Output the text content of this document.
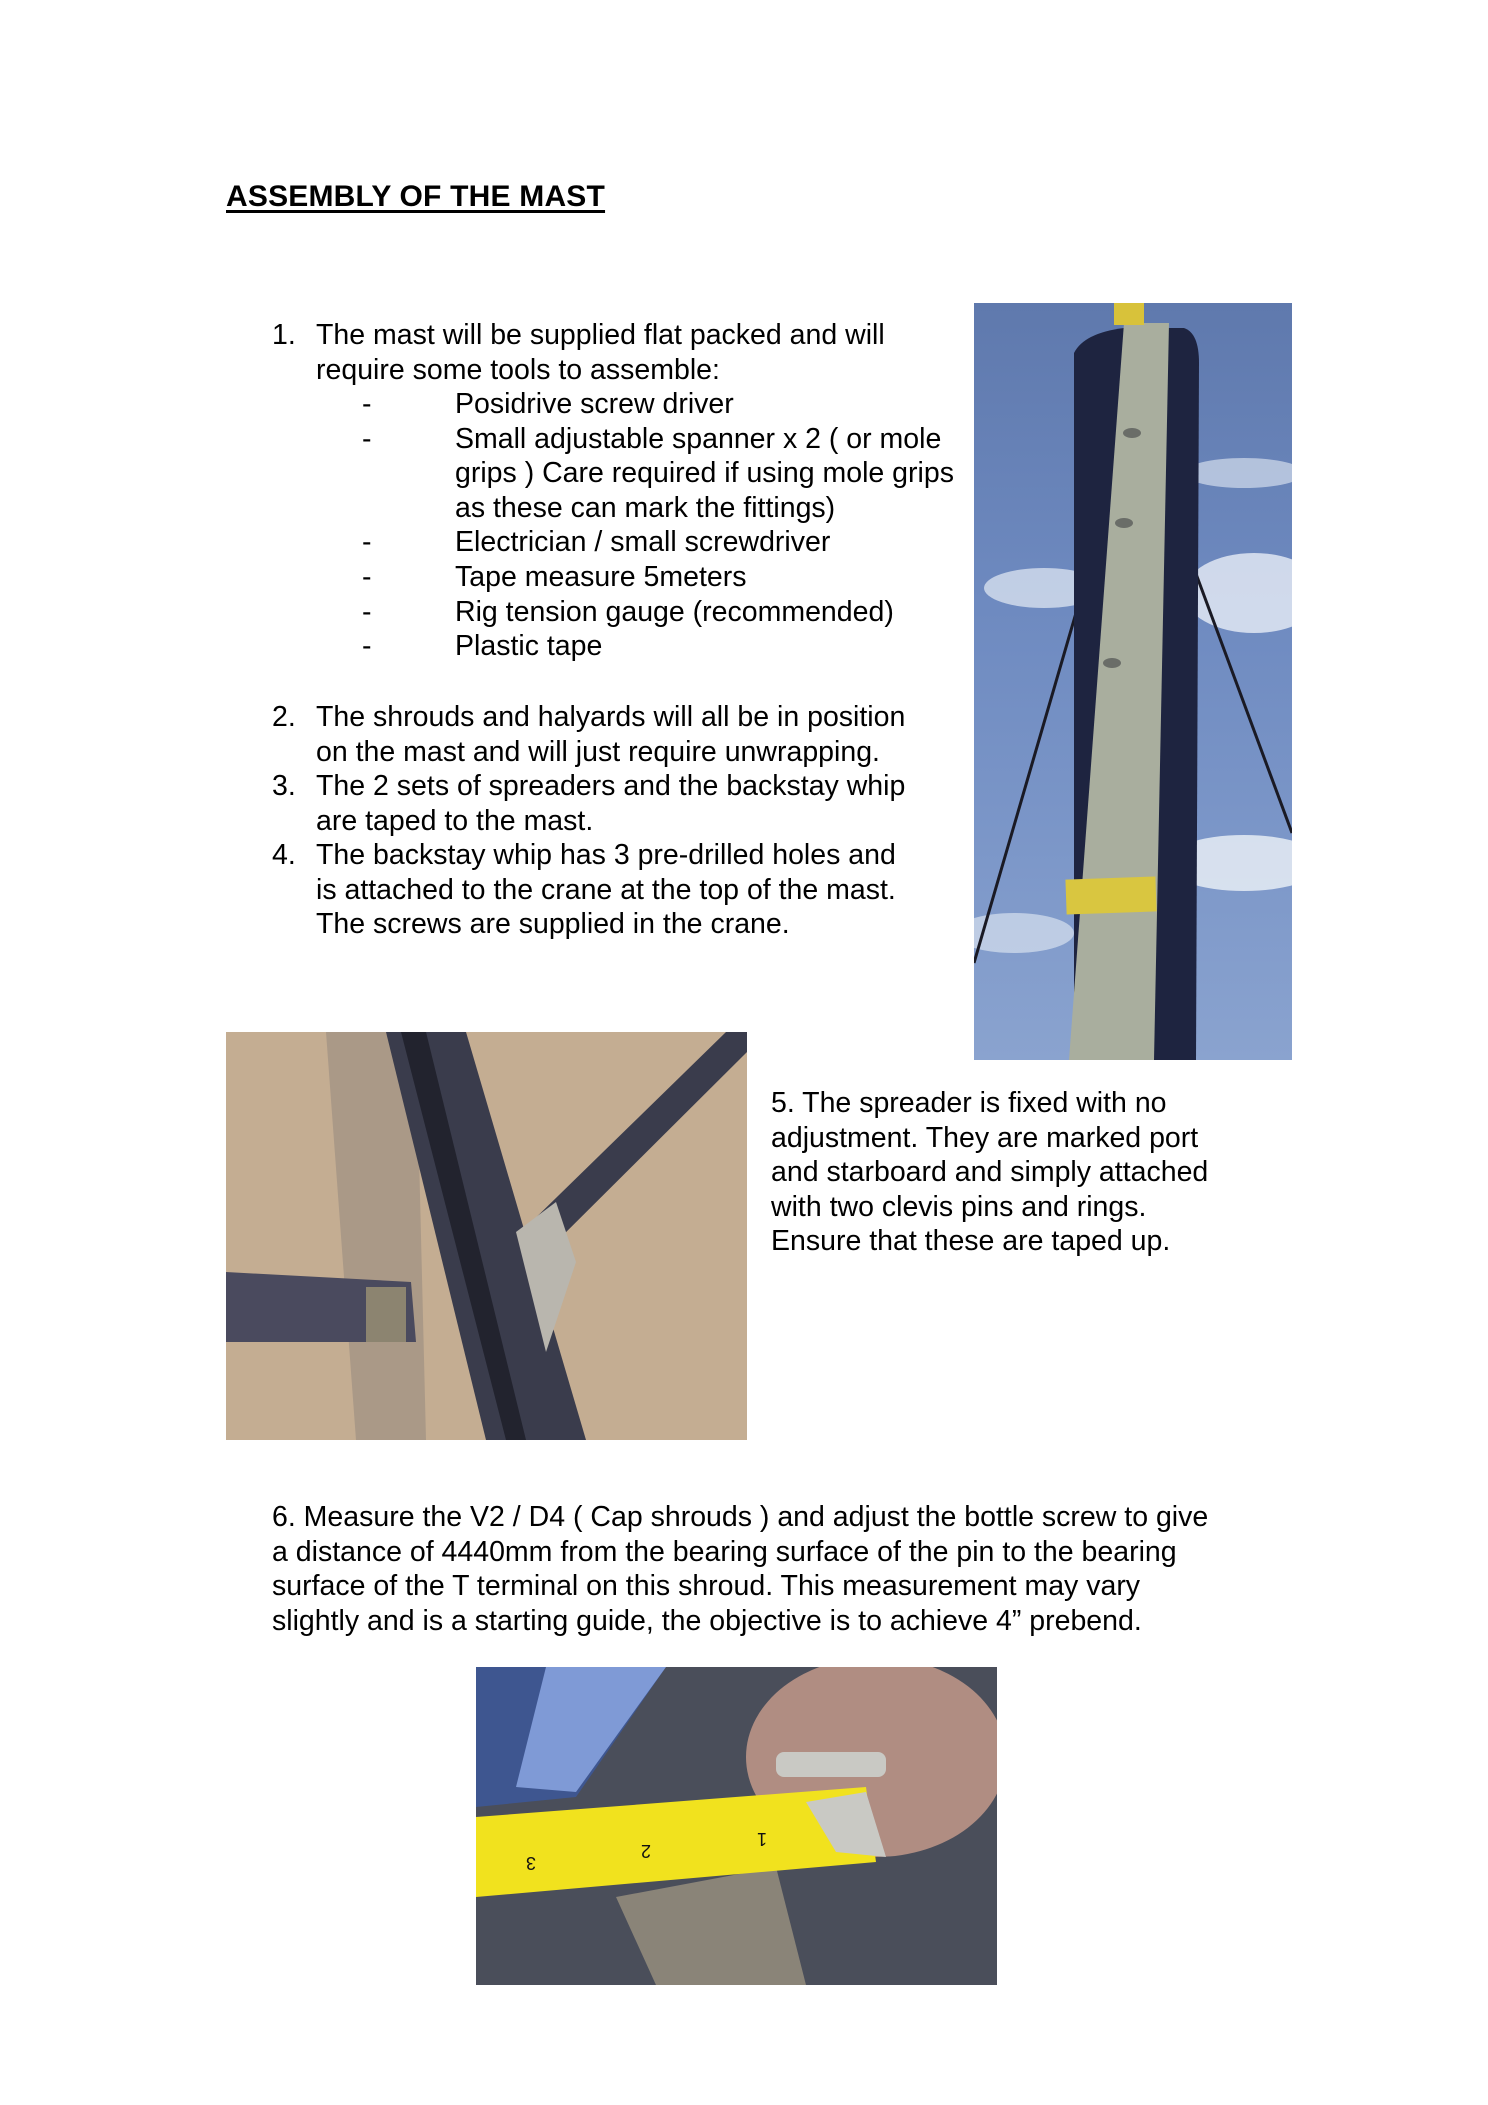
ASSEMBLY OF THE MAST
1. The mast will be supplied flat packed and will
require some tools to assemble:
-	Posidrive screw driver
-	Small adjustable spanner x 2 ( or mole
grips ) Care required if using mole grips
as these can mark the fittings)
-	Electrician / small screwdriver
-	Tape measure 5meters
-	Rig tension gauge (recommended)
-	Plastic tape
2. The shrouds and halyards will all be in position
on the mast and will just require unwrapping.
3. The 2 sets of spreaders and the backstay whip
are taped to the mast.
4. The backstay whip has 3 pre-drilled holes and
is attached to the crane at the top of the mast.
The screws are supplied in the crane.
5. The spreader is fixed with no
adjustment. They are marked port
and starboard and simply attached
with two clevis pins and rings.
Ensure that these are taped up.
6. Measure the V2 / D4 ( Cap shrouds ) and adjust the bottle screw to give
a distance of 4440mm from the bearing surface of the pin to the bearing
surface of the T terminal on this shroud. This measurement may vary
slightly and is a starting guide, the objective is to achieve 4” prebend.
3
2
1
